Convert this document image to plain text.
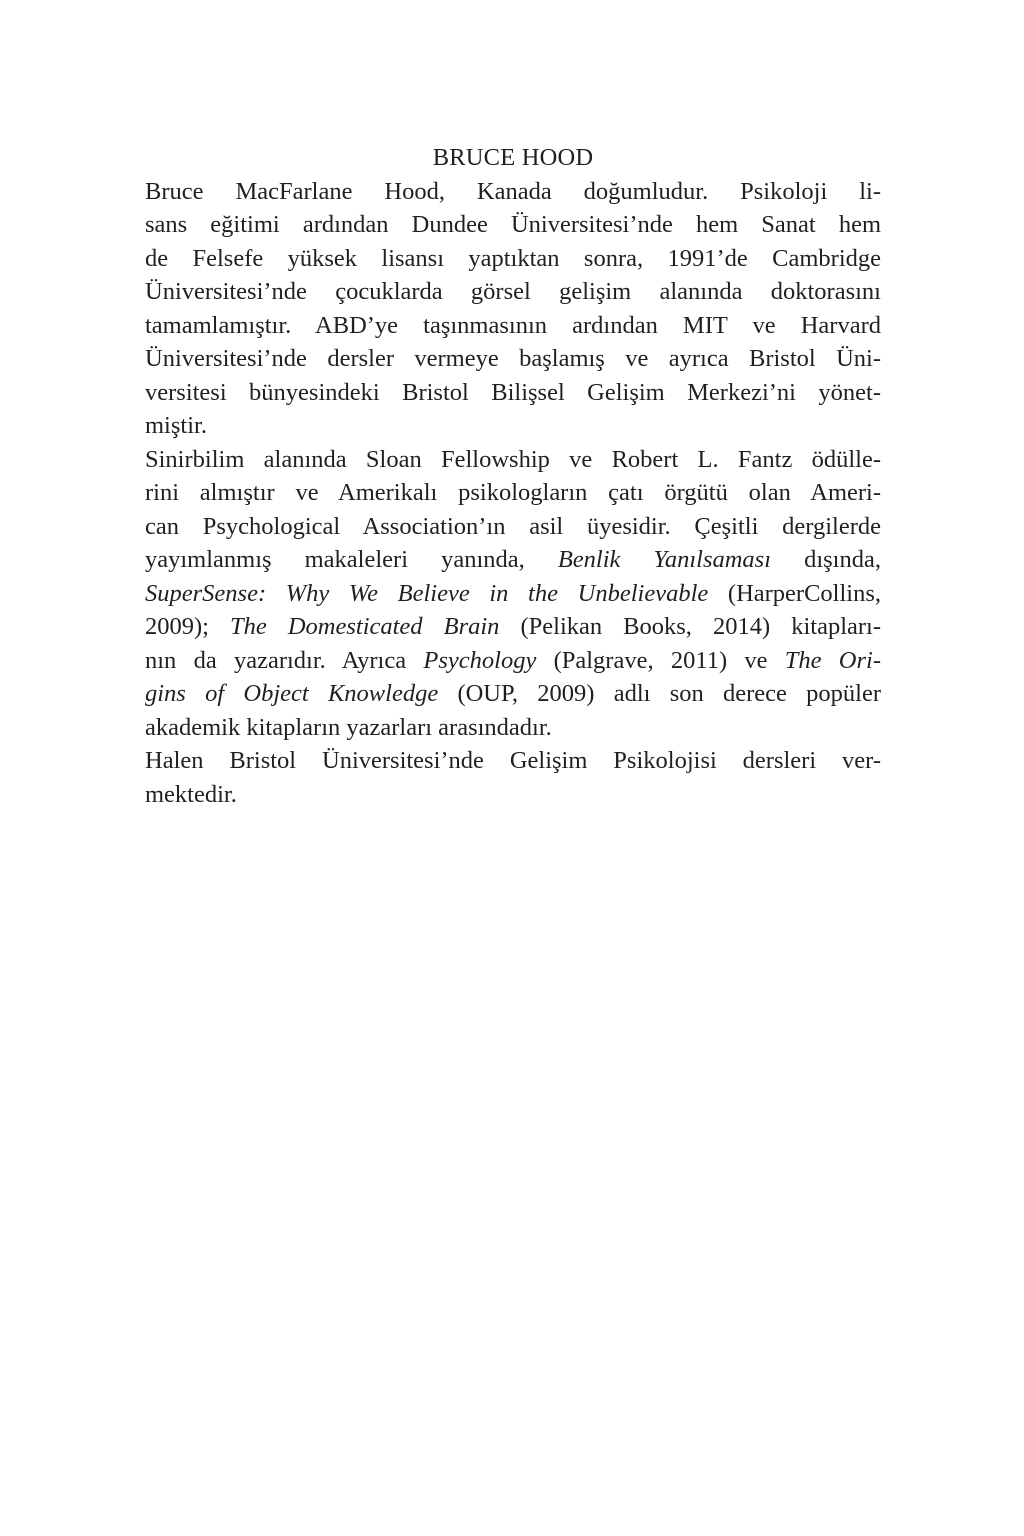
BRUCE HOOD
Bruce MacFarlane Hood, Kanada doğumludur. Psikoloji li-
sans eğitimi ardından Dundee Üniversitesi’nde hem Sanat hem
de Felsefe yüksek lisansı yaptıktan sonra, 1991’de Cambridge
Üniversitesi’nde çocuklarda görsel gelişim alanında doktorasını
tamamlamıştır. ABD’ye taşınmasının ardından MIT ve Harvard
Üniversitesi’nde dersler vermeye başlamış ve ayrıca Bristol Üni-
versitesi bünyesindeki Bristol Bilişsel Gelişim Merkezi’ni yönet-
miştir.
Sinirbilim alanında Sloan Fellowship ve Robert L. Fantz ödülle-
rini almıştır ve Amerikalı psikologların çatı örgütü olan Ameri-
can Psychological Association’ın asil üyesidir. Çeşitli dergilerde
yayımlanmış makaleleri yanında, Benlik Yanılsaması dışında,
SuperSense: Why We Believe in the Unbelievable (HarperCollins,
2009); The Domesticated Brain (Pelikan Books, 2014) kitapları-
nın da yazarıdır. Ayrıca Psychology (Palgrave, 2011) ve The Ori-
gins of Object Knowledge (OUP, 2009) adlı son derece popüler
akademik kitapların yazarları arasındadır.
Halen Bristol Üniversitesi’nde Gelişim Psikolojisi dersleri ver-
mektedir.
